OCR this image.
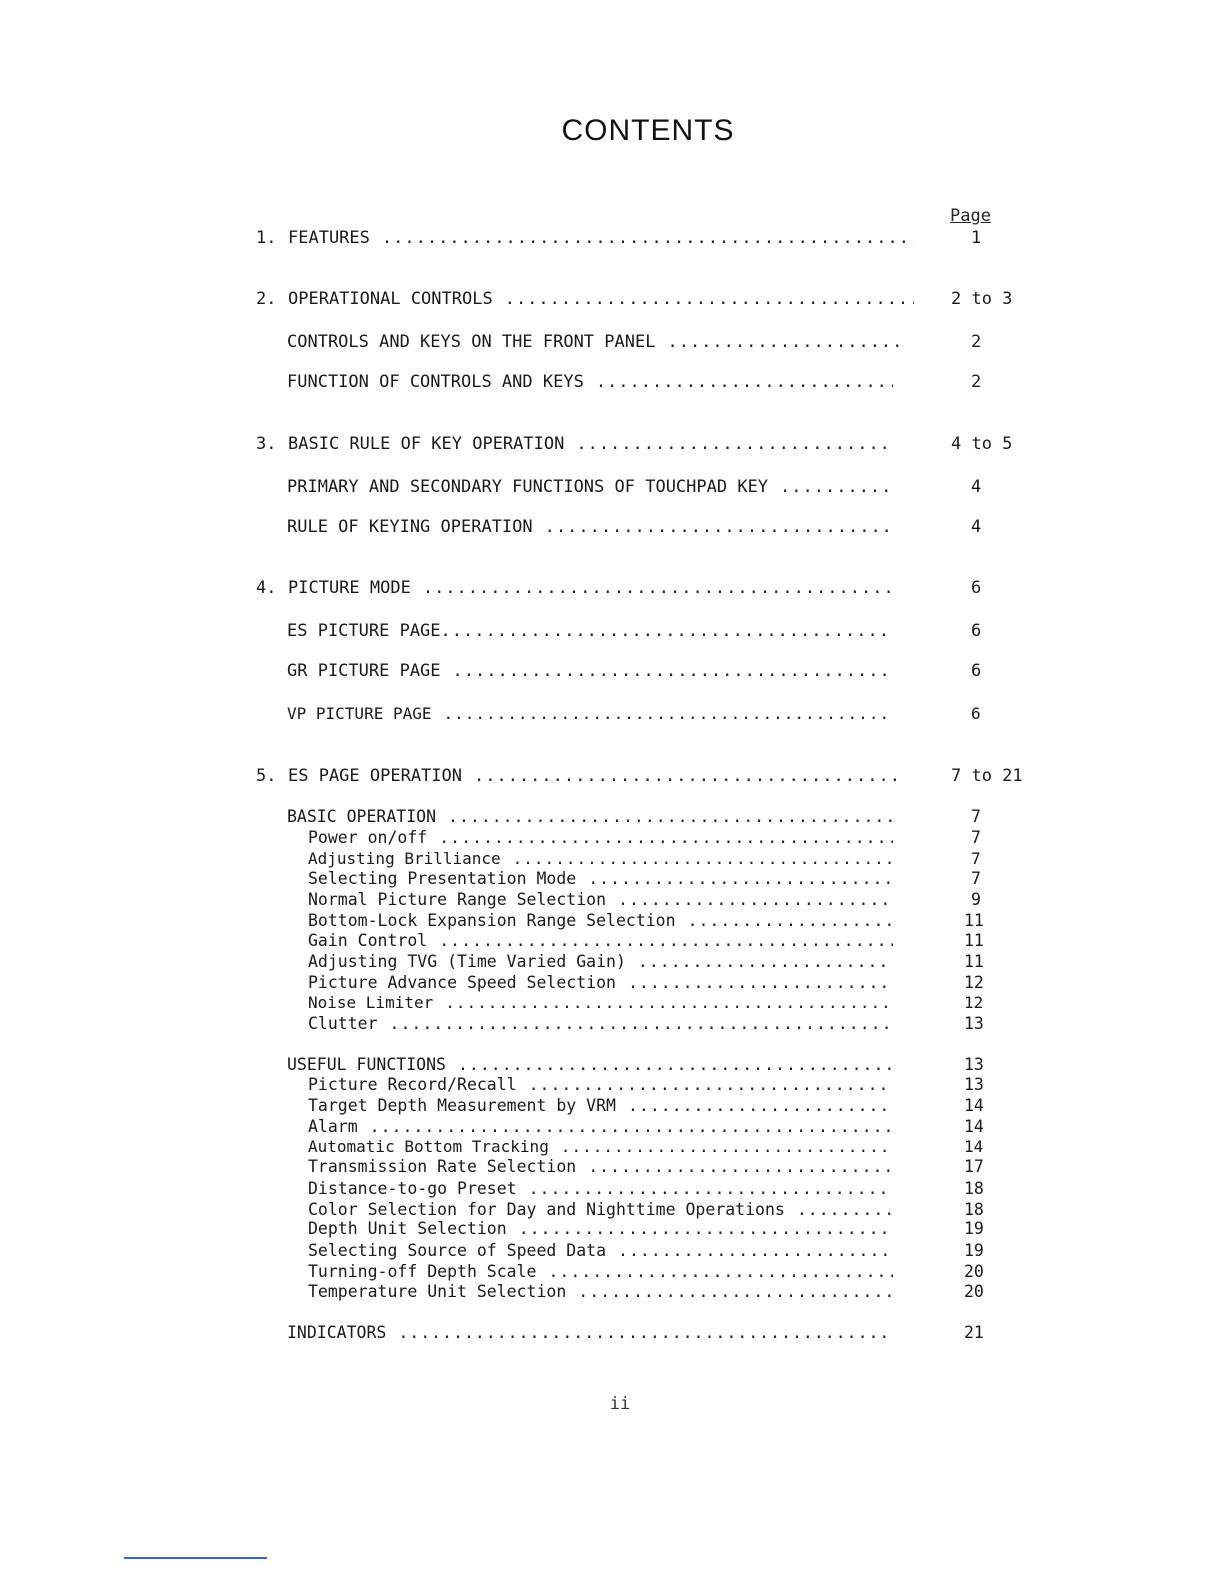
CONTENTS
Page
1. FEATURES .....	1
2. OPERATIONAL CONTROLS .....	2 to 3
CONTROLS AND KEYS ON THE FRONT PANEL .....	2
FUNCTION OF CONTROLS AND KEYS .....	2
3. BASIC RULE OF KEY OPERATION .....	4 to 5
PRIMARY AND SECONDARY FUNCTIONS OF TOUCHPAD KEY .....	4
RULE OF KEYING OPERATION .....	4
4. PICTURE MODE .....	6
ES PICTURE PAGE .....	6
GR PICTURE PAGE .....	6
VP PICTURE PAGE .....	6
5. ES PAGE OPERATION .....	7 to 21
BASIC OPERATION .....	7
Power on/off .....	7
Adjusting Brilliance .....	7
Selecting Presentation Mode .....	7
Normal Picture Range Selection .....	9
Bottom-Lock Expansion Range Selection .....	11
Gain Control .....	11
Adjusting TVG (Time Varied Gain) .....	11
Picture Advance Speed Selection .....	12
Noise Limiter .....	12
Clutter .....	13
USEFUL FUNCTIONS .....	13
Picture Record/Recall .....	13
Target Depth Measurement by VRM .....	14
Alarm .....	14
Automatic Bottom Tracking .....	14
Transmission Rate Selection .....	17
Distance-to-go Preset .....	18
Color Selection for Day and Nighttime Operations .....	18
Depth Unit Selection .....	19
Selecting Source of Speed Data .....	19
Turning-off Depth Scale .....	20
Temperature Unit Selection .....	20
INDICATORS .....	21
ii
